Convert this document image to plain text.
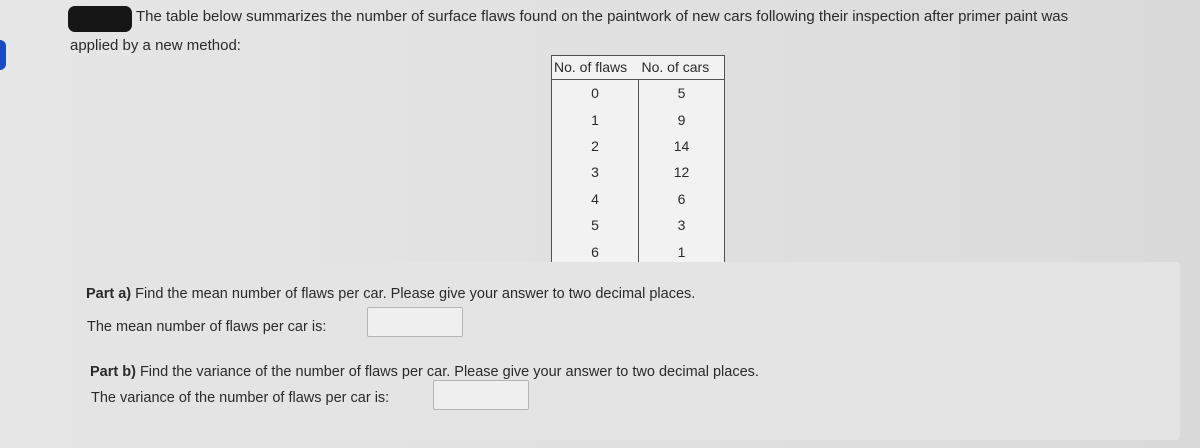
The table below summarizes the number of surface flaws found on the paintwork of new cars following their inspection after primer paint was
applied by a new method:
No. of flaws	No. of cars
0	5
1	9
2	14
3	12
4	6
5	3
6	1
Part a) Find the mean number of flaws per car. Please give your answer to two decimal places.
The mean number of flaws per car is:
Part b) Find the variance of the number of flaws per car. Please give your answer to two decimal places.
The variance of the number of flaws per car is:
